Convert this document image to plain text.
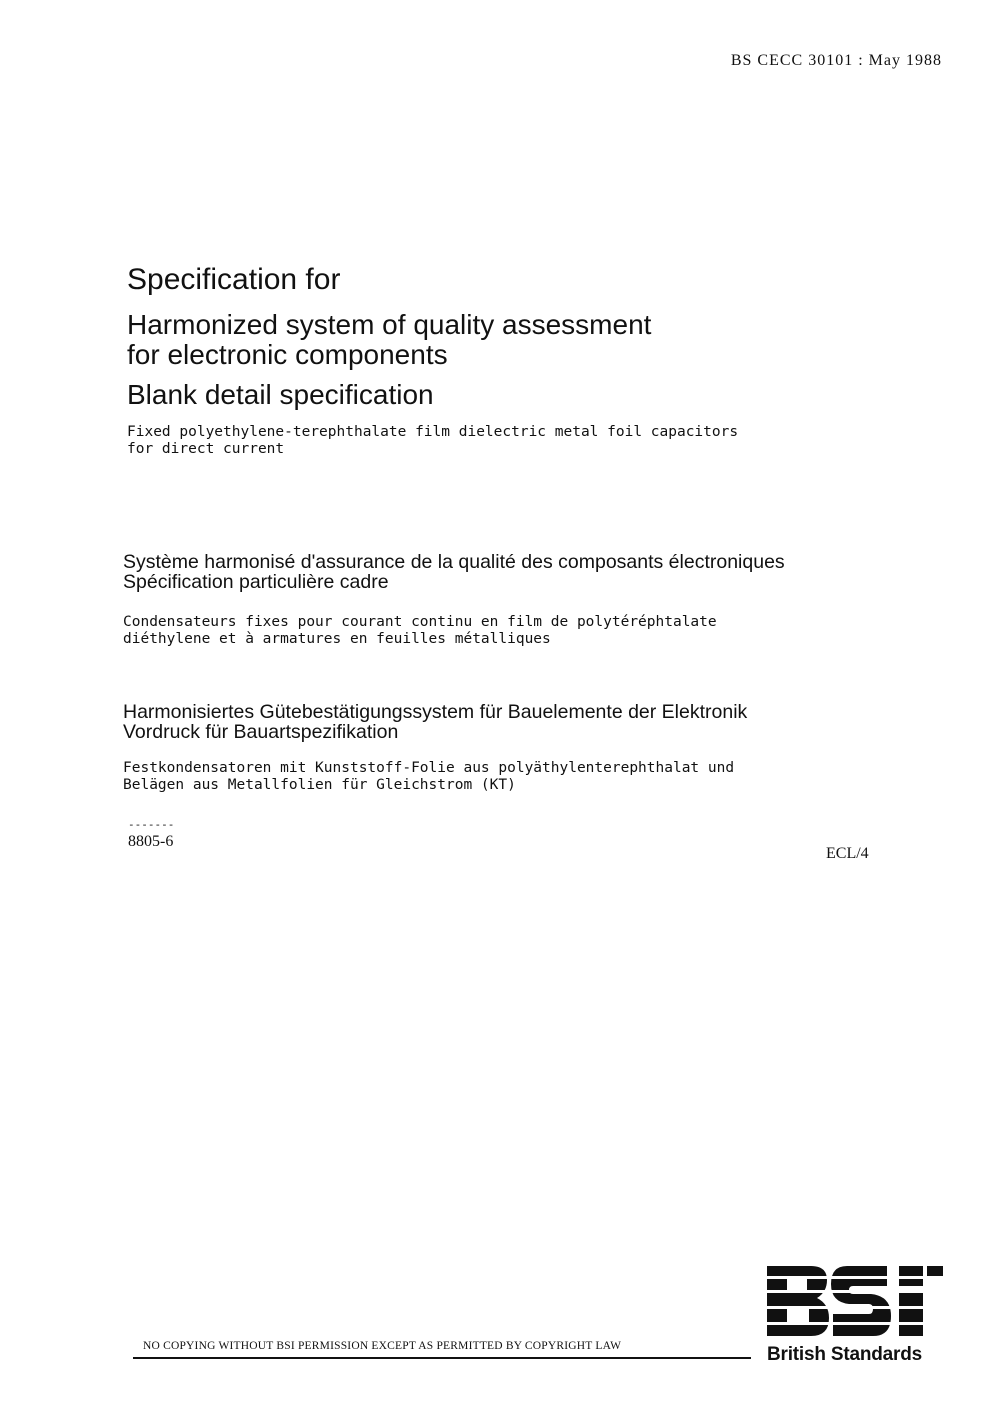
BS CECC 30101 : May 1988
Specification for
Harmonized system of quality assessment
for electronic components
Blank detail specification

Fixed polyethylene-terephthalate film dielectric metal foil capacitors

for direct current

Système harmonisé d'assurance de la qualité des composants électroniques

Spécification particulière cadre

Condensateurs fixes pour courant continu en film de polytéréphtalate

diéthylene et à armatures en feuilles métalliques

Harmonisiertes Gütebestätigungssystem für Bauelemente der Elektronik

Vordruck für Bauartspezifikation

Festkondensatoren mit Kunststoff-Folie aus polyäthylenterephthalat und

Belägen aus Metallfolien für Gleichstrom (KT)

-------
8805-6
ECL/4
NO COPYING WITHOUT BSI PERMISSION EXCEPT AS PERMITTED BY COPYRIGHT LAW	British Standards
